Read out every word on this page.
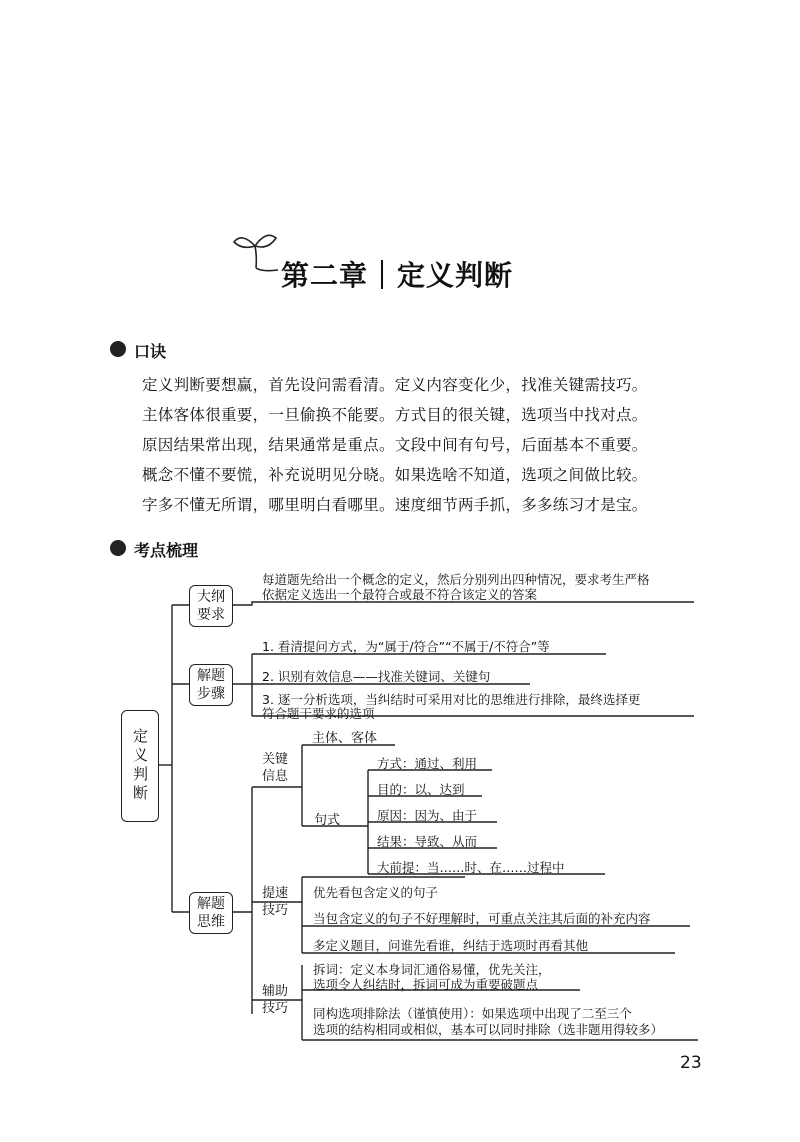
第二章｜定义判断
口诀
定义判断要想赢，首先设问需看清。定义内容变化少，找准关键需技巧。
主体客体很重要，一旦偷换不能要。方式目的很关键，选项当中找对点。
原因结果常出现，结果通常是重点。文段中间有句号，后面基本不重要。
概念不懂不要慌，补充说明见分晓。如果选啥不知道，选项之间做比较。
字多不懂无所谓，哪里明白看哪里。速度细节两手抓，多多练习才是宝。
考点梳理
定义判断
大纲要求
解题步骤
解题思维
每道题先给出一个概念的定义，然后分别列出四种情况，要求考生严格
依据定义选出一个最符合或最不符合该定义的答案
1. 看清提问方式，为“属于/符合”“不属于/不符合”等
2. 识别有效信息——找准关键词、关键句
3. 逐一分析选项，当纠结时可采用对比的思维进行排除，最终选择更
符合题干要求的选项
关键信息
提速技巧
辅助技巧
主体、客体
句式
方式：通过、利用
目的：以、达到
原因：因为、由于
结果：导致、从而
大前提：当……时、在……过程中
优先看包含定义的句子
当包含定义的句子不好理解时，可重点关注其后面的补充内容
多定义题目，问谁先看谁，纠结于选项时再看其他
拆词：定义本身词汇通俗易懂，优先关注，
选项令人纠结时，拆词可成为重要破题点
同构选项排除法（谨慎使用）：如果选项中出现了二至三个
选项的结构相同或相似，基本可以同时排除（选非题用得较多）
23
